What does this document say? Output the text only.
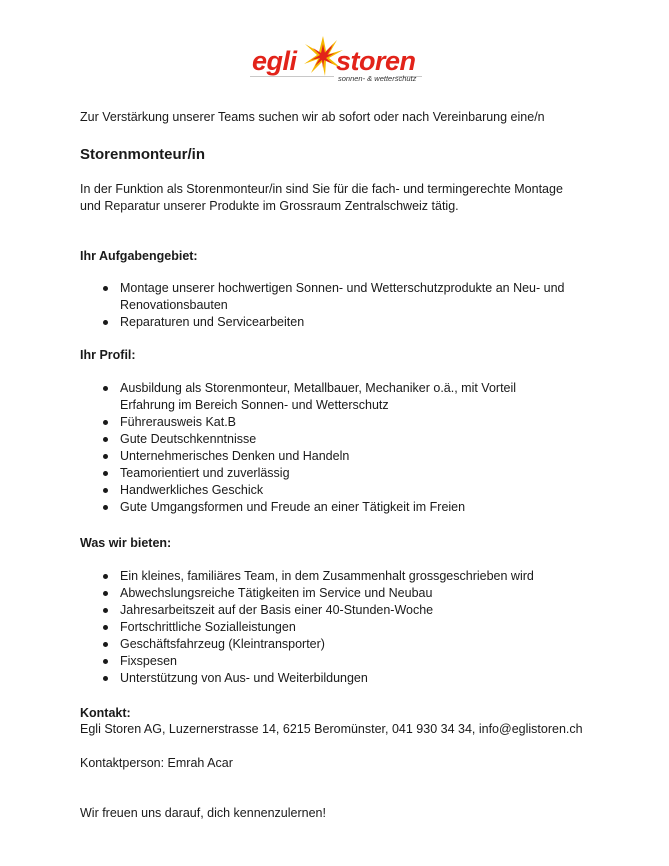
egli storen
sonnen- & wetterschutz
Zur Verstärkung unserer Teams suchen wir ab sofort oder nach Vereinbarung eine/n
Storenmonteur/in
In der Funktion als Storenmonteur/in sind Sie für die fach- und termingerechte Montage
und Reparatur unserer Produkte im Grossraum Zentralschweiz tätig.
Ihr Aufgabengebiet:
Montage unserer hochwertigen Sonnen- und Wetterschutzprodukte an Neu- und
Renovationsbauten
Reparaturen und Servicearbeiten
Ihr Profil:
Ausbildung als Storenmonteur, Metallbauer, Mechaniker o.ä., mit Vorteil
Erfahrung im Bereich Sonnen- und Wetterschutz
Führerausweis Kat.B
Gute Deutschkenntnisse
Unternehmerisches Denken und Handeln
Teamorientiert und zuverlässig
Handwerkliches Geschick
Gute Umgangsformen und Freude an einer Tätigkeit im Freien
Was wir bieten:
Ein kleines, familiäres Team, in dem Zusammenhalt grossgeschrieben wird
Abwechslungsreiche Tätigkeiten im Service und Neubau
Jahresarbeitszeit auf der Basis einer 40-Stunden-Woche
Fortschrittliche Sozialleistungen
Geschäftsfahrzeug (Kleintransporter)
Fixspesen
Unterstützung von Aus- und Weiterbildungen
Kontakt:
Egli Storen AG, Luzernerstrasse 14, 6215 Beromünster, 041 930 34 34, info@eglistoren.ch
Kontaktperson: Emrah Acar
Wir freuen uns darauf, dich kennenzulernen!
